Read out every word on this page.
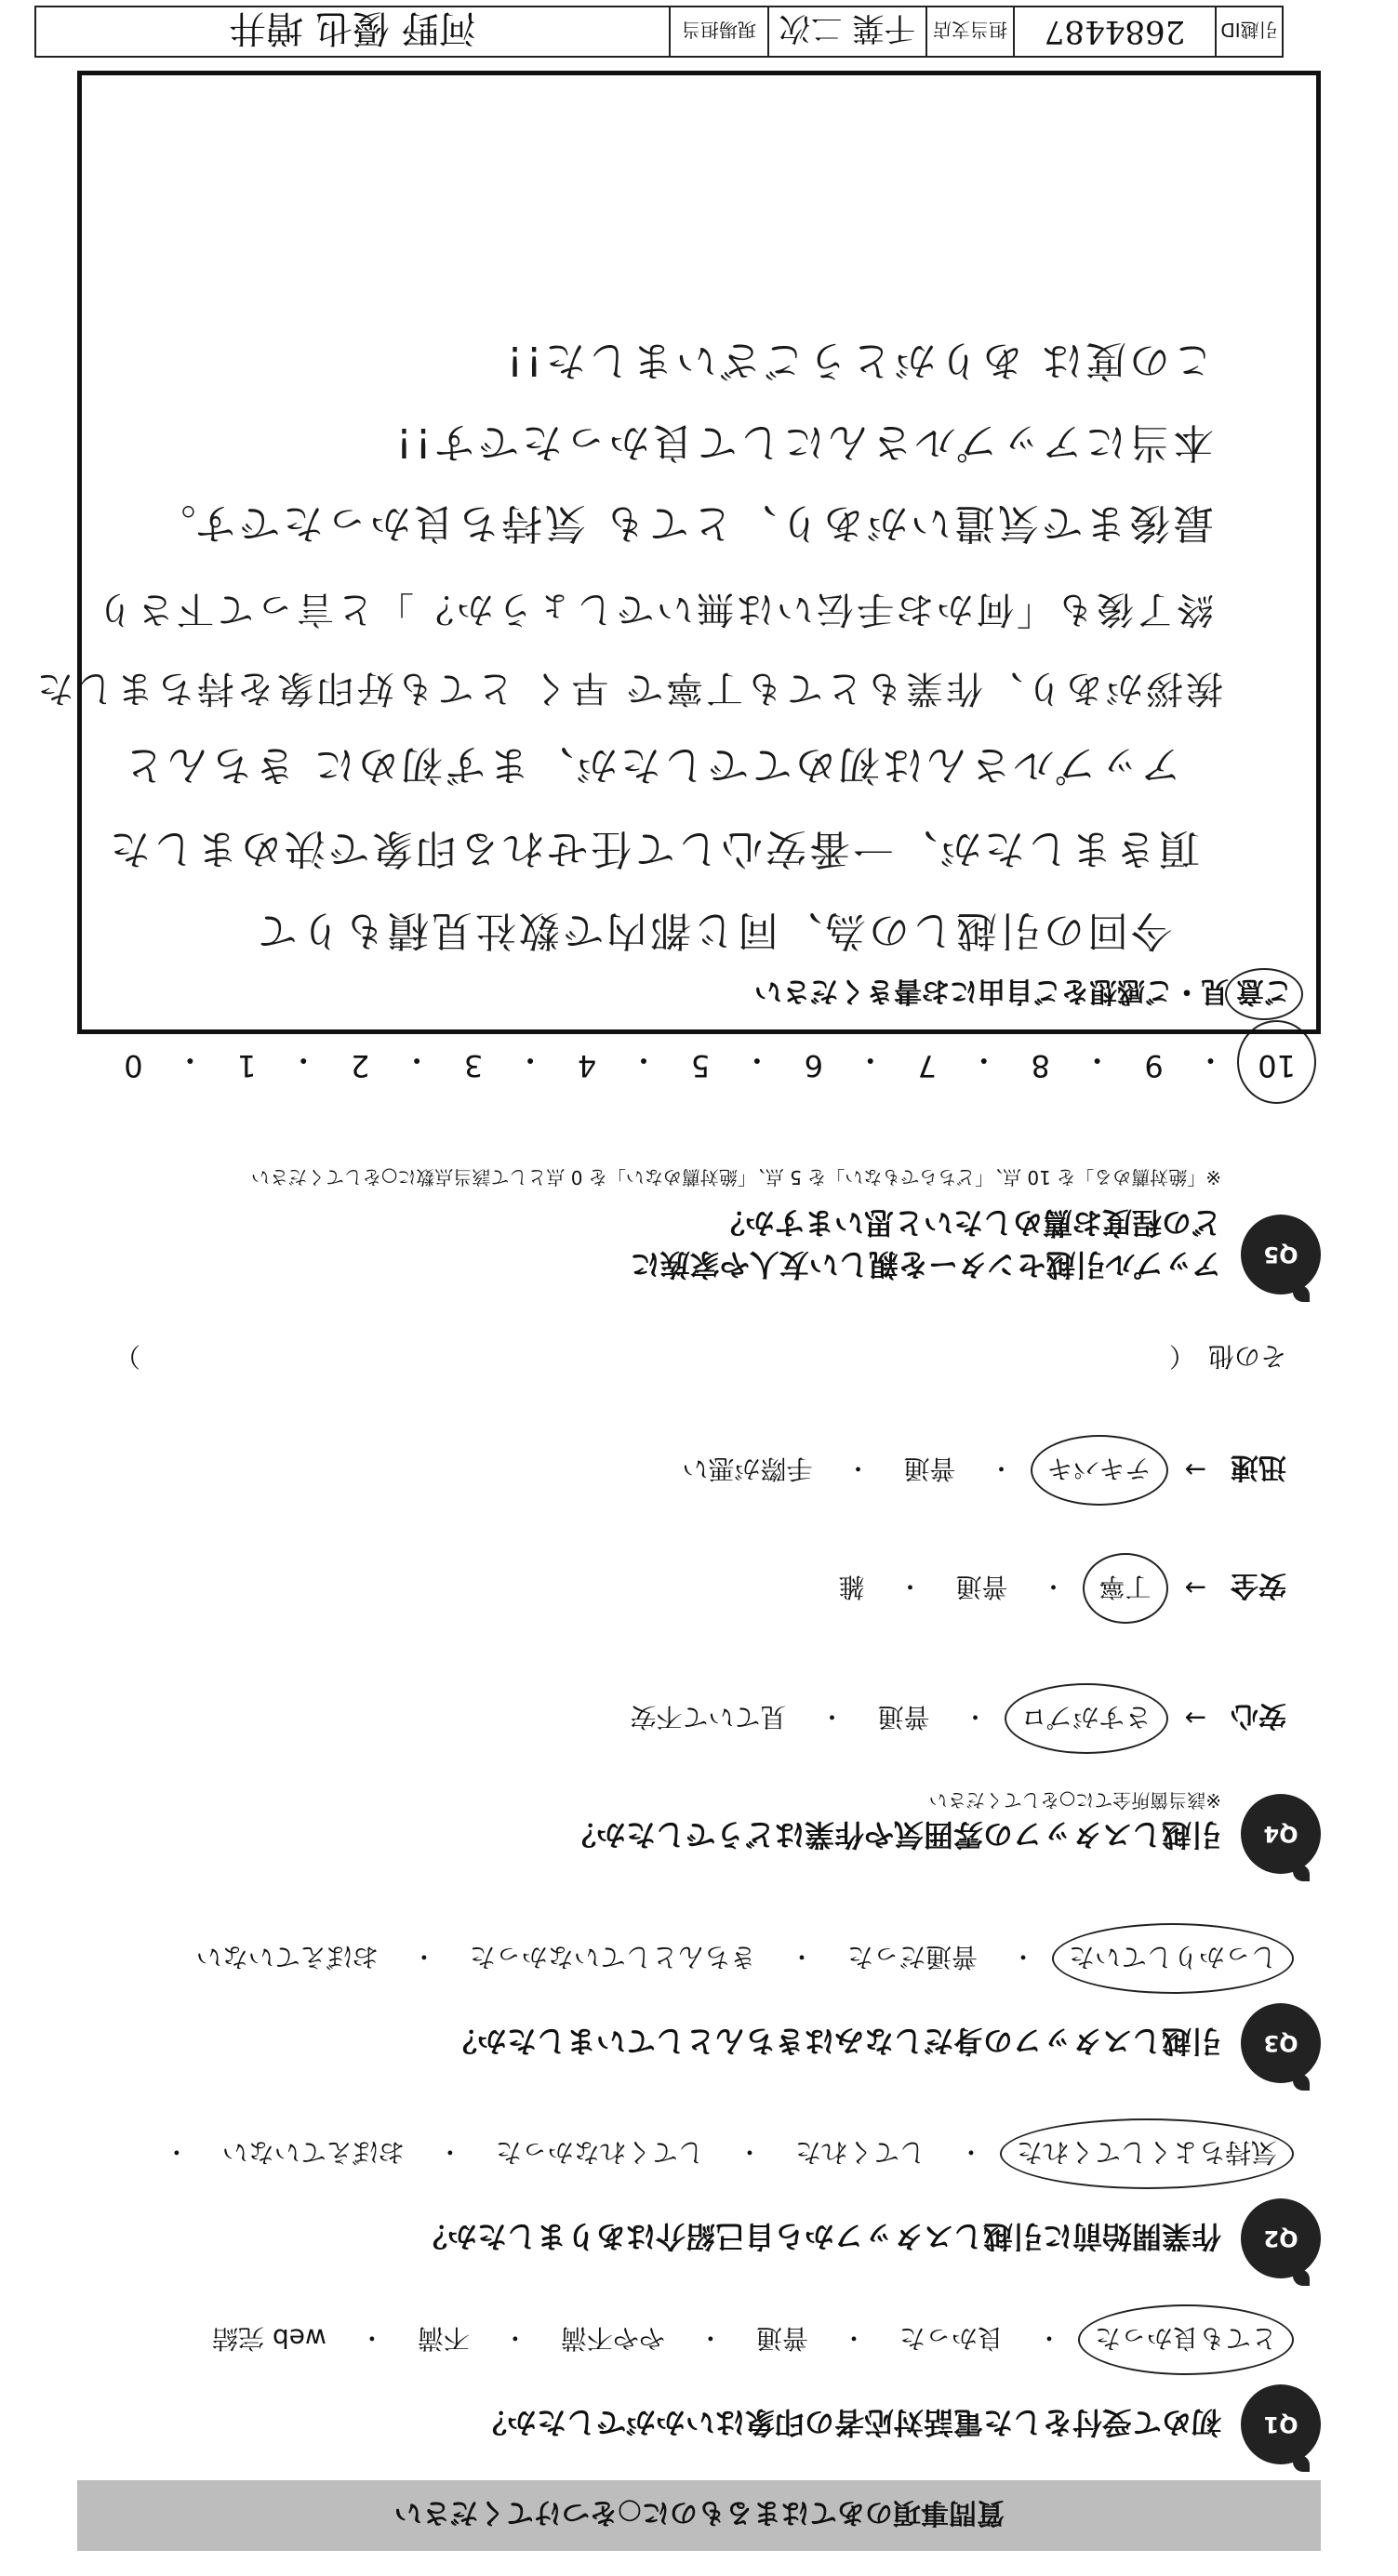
引越ID
2684487
担当支店
千葉 二次
現場担当
河野 優也 増井
質問事項のあてはまるものに○をつけてください
Q1
初めて受付をした電話対応者の印象はいかがでしたか？
とても良かった
・
良かった
・
普通
・
やや不満
・
不満
・
web 完結
Q2
作業開始前に引越しスタッフから自己紹介はありましたか？
気持ちよくしてくれた
・
してくれた
・
してくれなかった
・
おぼえていない
・
Q3
引越しスタッフの身だしなみはきちんとしていましたか？
しっかりしていた
・
普通だった
・
きちんとしていなかった
・
おぼえていない
Q4
引越しスタッフの雰囲気や作業はどうでしたか？
※該当箇所全てに○をしてください
安心
→
さすがプロ
・
普通
・
見ていて不安
安全
→
丁寧
・
普通
・
雑
迅速
→
テキパキ
・
普通
・
手際が悪い
その他　（
）
Q5
アップル引越センターを親しい友人や家族に
どの程度お薦めしたいと思いますか？
※「絶対薦める」を 10 点、「どちらでもない」を 5 点、「絶対薦めない」を 0 点として該当点数に○をしてください
10
・
9
・
8
・
7
・
6
・
5
・
4
・
3
・
2
・
1
・
0
ご意見・ご感想をご自由にお書きください
今回の引越しの為、同じ都内で数社見積もりて
頂きましたが、一番安心して任せれる印象で決めました
アップルさんは初めてでしたが、まず初めに きちんと
挨拶があり、作業もとても丁寧で 早く とても好印象を持ちました
終了後も「何かお手伝いは無いでしょうか？」と言って下さり
最後まで気遣いがあり、とても 気持ち良かったです。
本当にアップルさんにして良かったです!!
この度は ありがとうございました!!
